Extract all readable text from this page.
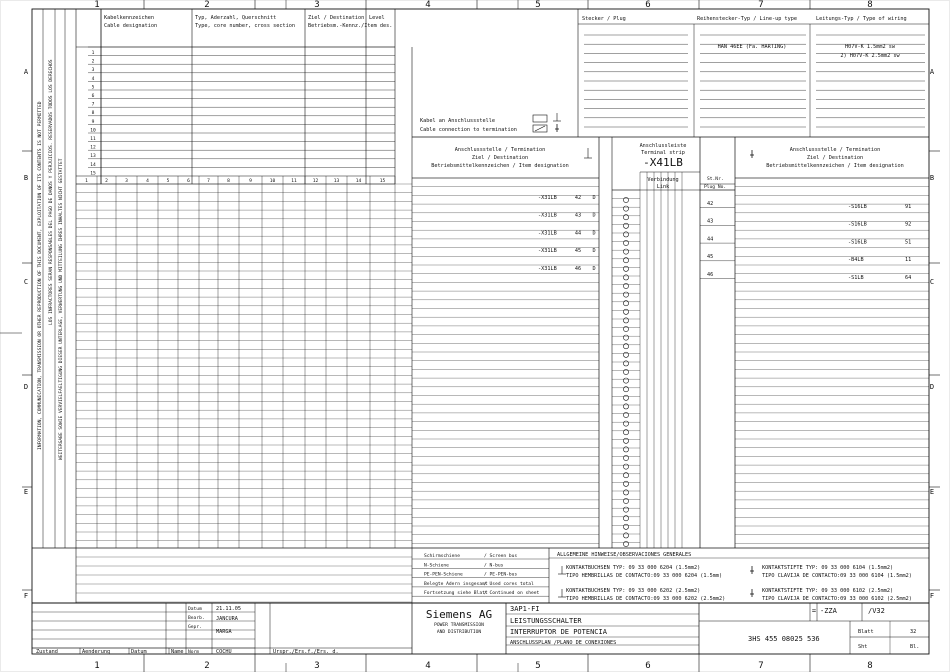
1
1
2
2
3
3
4
4
5
5
6
6
7
7
8
8
A	A
B	B
C	C
D	D
E	E
F	F
INFORMATION, COMMUNICATION, TRANSMISSION OR OTHER REPRODUCTION OF THIS DOCUMENT, EXPLOITATION OF ITS CONTENTS IS NOT PERMITTED LOS INFRACTORES SERAN RESPONSABLES DEL PAGO DE DANOS Y PERJUICIOS. RESERVADOS TODOS LOS DERECHOS WEITERGABE SOWIE VERVIELFAELTIGUNG DIESER UNTERLAGE, VERWERTUNG UND MITTEILUNG IHRES INHALTES NICHT GESTATTET
Kabelkennzeichen
Cable designation
Typ, Aderzahl, Querschnitt
Type, core number, cross section
Ziel / Destination
Betriebsm.-Kennz./Item des.
Level
1
2
3
4
5
6
7
8
9
10
11
12
13
14
15
1	2	3	4	5	6	7	8	9	10	11	12	13	14	15
Stecker / Plug	Reihenstecker-Typ / Line-up type	Leitungs-Typ / Type of wiring
HAN 46EE (Fa. HARTING)	H07V-K 1.5mm2 sw
2) H07V-K 2.5mm2 sw
Kabel an Anschlussstelle
Cable connection to termination
Anschlussstelle / Termination
Ziel / Destination
Betriebsmittelkennzeichen / Item designation
-X31LB	42 D
-X31LB	43 D
-X31LB	44 D
-X31LB	45 D
-X31LB	46 D
Anschlussleiste
Terminal strip
-X41LB
Verbindung
Link
St.Nr.
Plug No.
42
43
44
45
46
Anschlussstelle / Termination
Ziel / Destination
Betriebsmittelkennzeichen / Item designation
-S16LB	91
-S16LB	92
-S16LB	51
-B4LB	11
-S1LB	64
Schirmschiene	/ Screen bus
N-Schiene	/ N-bus
PE-PEN-Schiene	/ PE-PEN-bus
Belegte Adern insgesamt
/ Used cores total
Fortsetzung siehe Blatt
/ Continued on sheet
ALLGEMEINE HINWEISE/OBSERVACIONES GENERALES
KONTAKTBUCHSEN TYP: 09 33 000 6204 (1.5mm2)
TIPO HEMBRILLAS DE CONTACTO:09 33 000 6204 (1.5mm)
KONTAKTBUCHSEN TYP: 09 33 000 6202 (2.5mm2)
TIPO HEMBRILLAS DE CONTACTO:09 33 000 6202 (2.5mm2)
KONTAKTSTIFTE TYP: 09 33 000 6104 (1.5mm2)
TIPO CLAVIJA DE CONTACTO:09 33 000 6104 (1.5mm2)
KONTAKTSTIFTE TYP: 09 33 000 6102 (2.5mm2)
TIPO CLAVIJA DE CONTACTO:09 33 000 6102 (2.5mm2)
Datum	21.11.05
Bearb. JANCURA
Gepr.
MARGA
Norm	COCHU
Zustand	Aenderung	Datum	Name	Urspr./Ers.f./Ers. d.
Siemens AG
POWER TRANSMISSION
AND DISTRIBUTION
3AP1-FI
LEISTUNGSSCHALTER
INTERRUPTOR DE POTENCIA
ANSCHLUSSPLAN /PLANO DE CONEXIONES
= -ZZA	/V32
3HS 455 08025 536
Blatt	32
Sht	Bl.
